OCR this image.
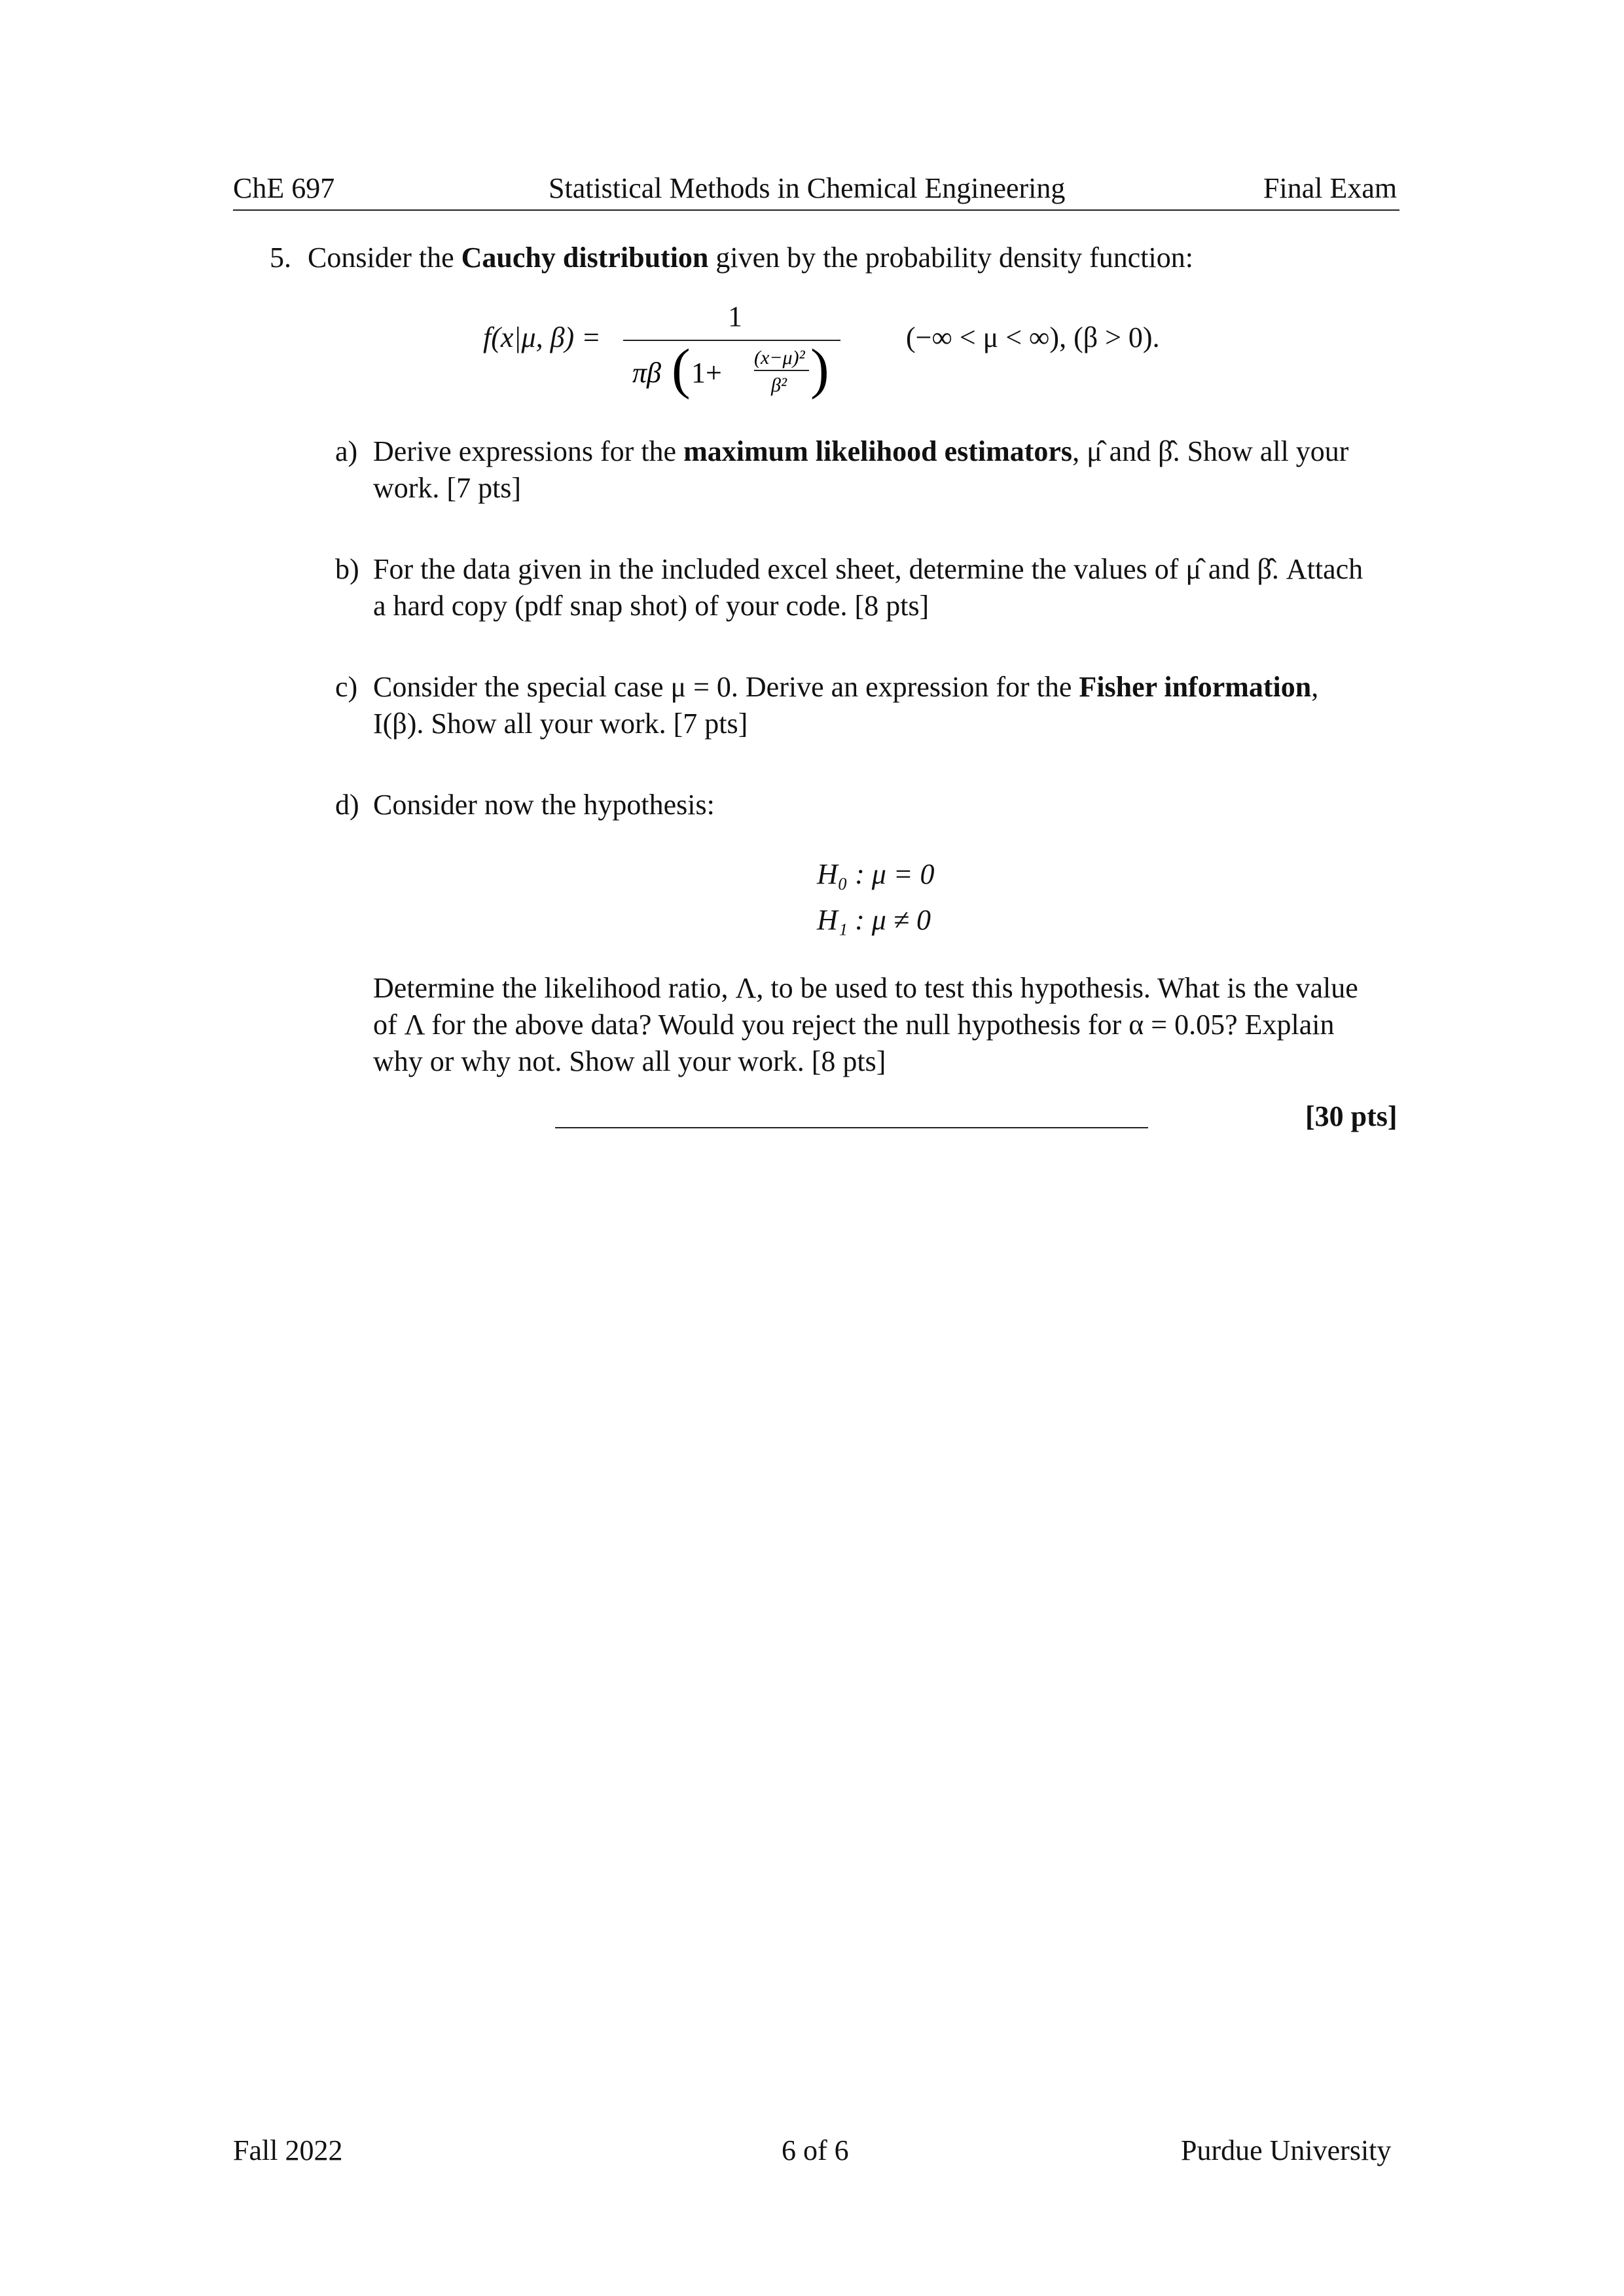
ChE 697	Statistical Methods in Chemical Engineering	Final Exam
5. Consider the Cauchy distribution given by the probability density function:
f(x|μ, β) =
1
πβ ( 1+ (x−μ)²
β² )	(−∞ < μ < ∞), (β > 0).
a) Derive expressions for the maximum likelihood estimators, μ̂ and β̂. Show all your
work. [7 pts]
b) For the data given in the included excel sheet, determine the values of μ̂ and β̂. Attach
a hard copy (pdf snap shot) of your code. [8 pts]
c) Consider the special case μ = 0. Derive an expression for the Fisher information,
I(β). Show all your work. [7 pts]
d) Consider now the hypothesis:
H₀ : μ = 0
H₁ : μ ≠ 0
Determine the likelihood ratio, Λ, to be used to test this hypothesis. What is the value
of Λ for the above data? Would you reject the null hypothesis for α = 0.05? Explain
why or why not. Show all your work. [8 pts]
[30 pts]
Fall 2022	6 of 6	Purdue University
